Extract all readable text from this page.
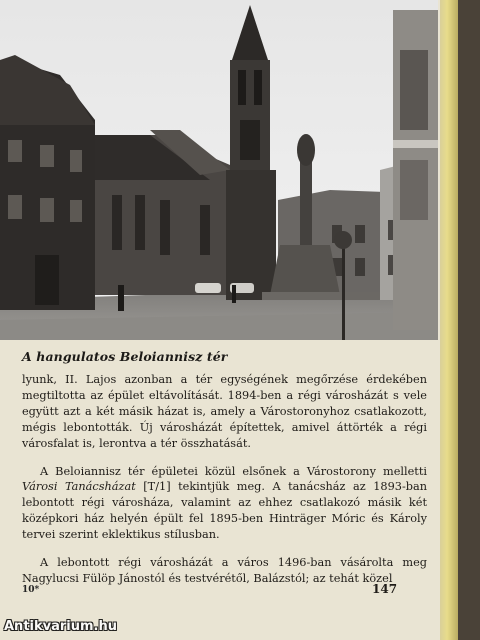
A hangulatos Beloiannisz tér

lyunk, II. Lajos azonban a tér egységének megőrzése érdekében megtiltotta az épület eltávolítását. 1894-ben a régi városházát s vele együtt azt a két másik házat is, amely a Várostoronyhoz csatlakozott, mégis lebontották. Új városházát építettek, amivel áttörték a régi városfalat is, lerontva a tér összhatását.

A Beloiannisz tér épületei közül elsőnek a Várostorony melletti Városi Tanácsházat [T/1] tekintjük meg. A tanácsház az 1893-ban lebontott régi városháza, valamint az ehhez csatlakozó másik két középkori ház helyén épült fel 1895-ben Hinträger Móric és Károly tervei szerint eklektikus stílusban.

A lebontott régi városházát a város 1496-ban vásárolta meg Nagylucsi Fülöp Jánostól és testvérétől, Balázstól; az tehát közel

10*	147
Antikvarium.hu
